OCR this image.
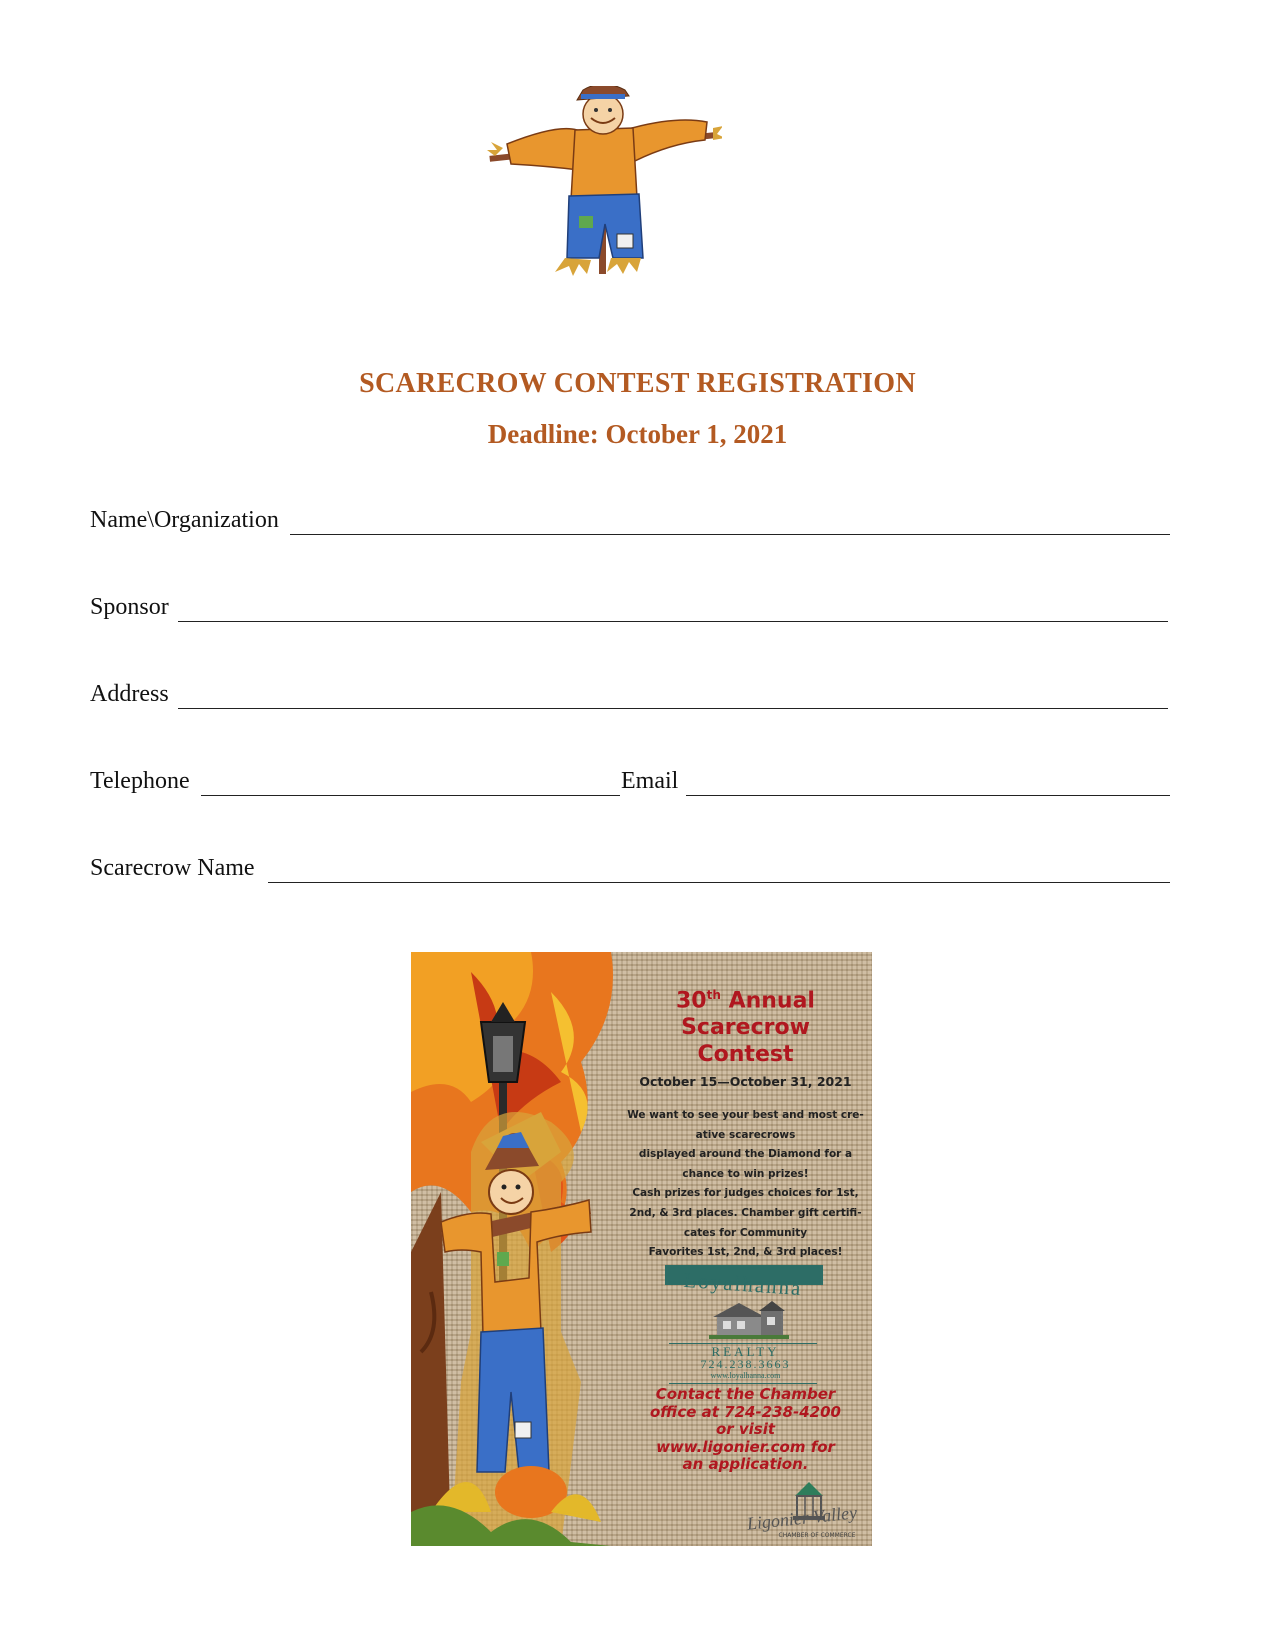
SCARECROW CONTEST REGISTRATION
Deadline: October 1, 2021
Name\Organization
Sponsor
Address
Telephone	Email
Scarecrow Name
30th Annual
Scarecrow
Contest
October 15—October 31, 2021
We want to see your best and most cre-
ative scarecrows
displayed around the Diamond for a
chance to win prizes!
Cash prizes for judges choices for 1st,
2nd, & 3rd places. Chamber gift certifi-
cates for Community
Favorites 1st, 2nd, & 3rd places!
Loyalhanna
REALTY
724.238.3663
www.loyalhanna.com
Contact the Chamber
office at 724-238-4200
or visit
www.ligonier.com for
an application.
Ligonier Valley
CHAMBER OF COMMERCE
